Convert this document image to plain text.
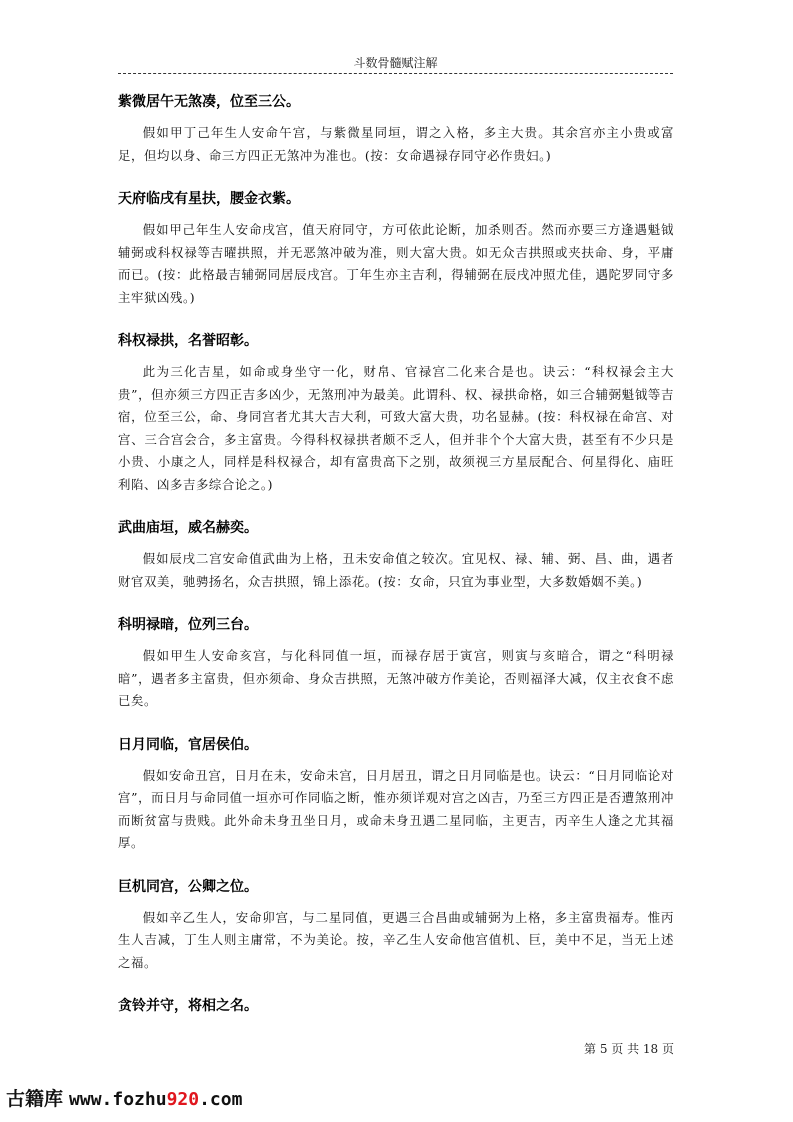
斗数骨髓赋注解

紫微居午无煞凑，位至三公。

假如甲丁己年生人安命午宫，与紫微星同垣，谓之入格，多主大贵。其余宫亦主小贵或富足，但均以身、命三方四正无煞冲为准也。(按：女命遇禄存同守必作贵妇。)

天府临戌有星扶，腰金衣紫。

假如甲己年生人安命戌宫，值天府同守，方可依此论断，加杀则否。然而亦要三方逢遇魁钺辅弼或科权禄等吉曜拱照，并无恶煞冲破为准，则大富大贵。如无众吉拱照或夹扶命、身，平庸而已。(按：此格最吉辅弼同居辰戌宫。丁年生亦主吉利，得辅弼在辰戌冲照尤佳，遇陀罗同守多主牢狱凶残。)

科权禄拱，名誉昭彰。

此为三化吉星，如命或身坐守一化，财帛、官禄宫二化来合是也。诀云：“科权禄会主大贵”，但亦须三方四正吉多凶少，无煞刑冲为最美。此谓科、权、禄拱命格，如三合辅弼魁钺等吉宿，位至三公，命、身同宫者尤其大吉大利，可致大富大贵，功名显赫。(按：科权禄在命宫、对宫、三合宫会合，多主富贵。今得科权禄拱者颇不乏人，但并非个个大富大贵，甚至有不少只是小贵、小康之人，同样是科权禄合，却有富贵高下之别，故须视三方星辰配合、何星得化、庙旺利陷、凶多吉多综合论之。)

武曲庙垣，威名赫奕。

假如辰戌二宫安命值武曲为上格，丑未安命值之较次。宜见权、禄、辅、弼、昌、曲，遇者财官双美，驰骋扬名，众吉拱照，锦上添花。(按：女命，只宜为事业型，大多数婚姻不美。)

科明禄暗，位列三台。

假如甲生人安命亥宫，与化科同值一垣，而禄存居于寅宫，则寅与亥暗合，谓之“科明禄暗”，遇者多主富贵，但亦须命、身众吉拱照，无煞冲破方作美论，否则福泽大减，仅主衣食不虑已矣。

日月同临，官居侯伯。

假如安命丑宫，日月在未，安命未宫，日月居丑，谓之日月同临是也。诀云：“日月同临论对宫”，而日月与命同值一垣亦可作同临之断，惟亦须详观对宫之凶吉，乃至三方四正是否遭煞刑冲而断贫富与贵贱。此外命未身丑坐日月，或命未身丑遇二星同临，主更吉，丙辛生人逢之尤其福厚。

巨机同宫，公卿之位。

假如辛乙生人，安命卯宫，与二星同值，更遇三合昌曲或辅弼为上格，多主富贵福寿。惟丙生人吉减，丁生人则主庸常，不为美论。按，辛乙生人安命他宫值机、巨，美中不足，当无上述之福。

贪铃并守，将相之名。

第 5 页 共 18 页
古籍库 www.fozhu920.com
